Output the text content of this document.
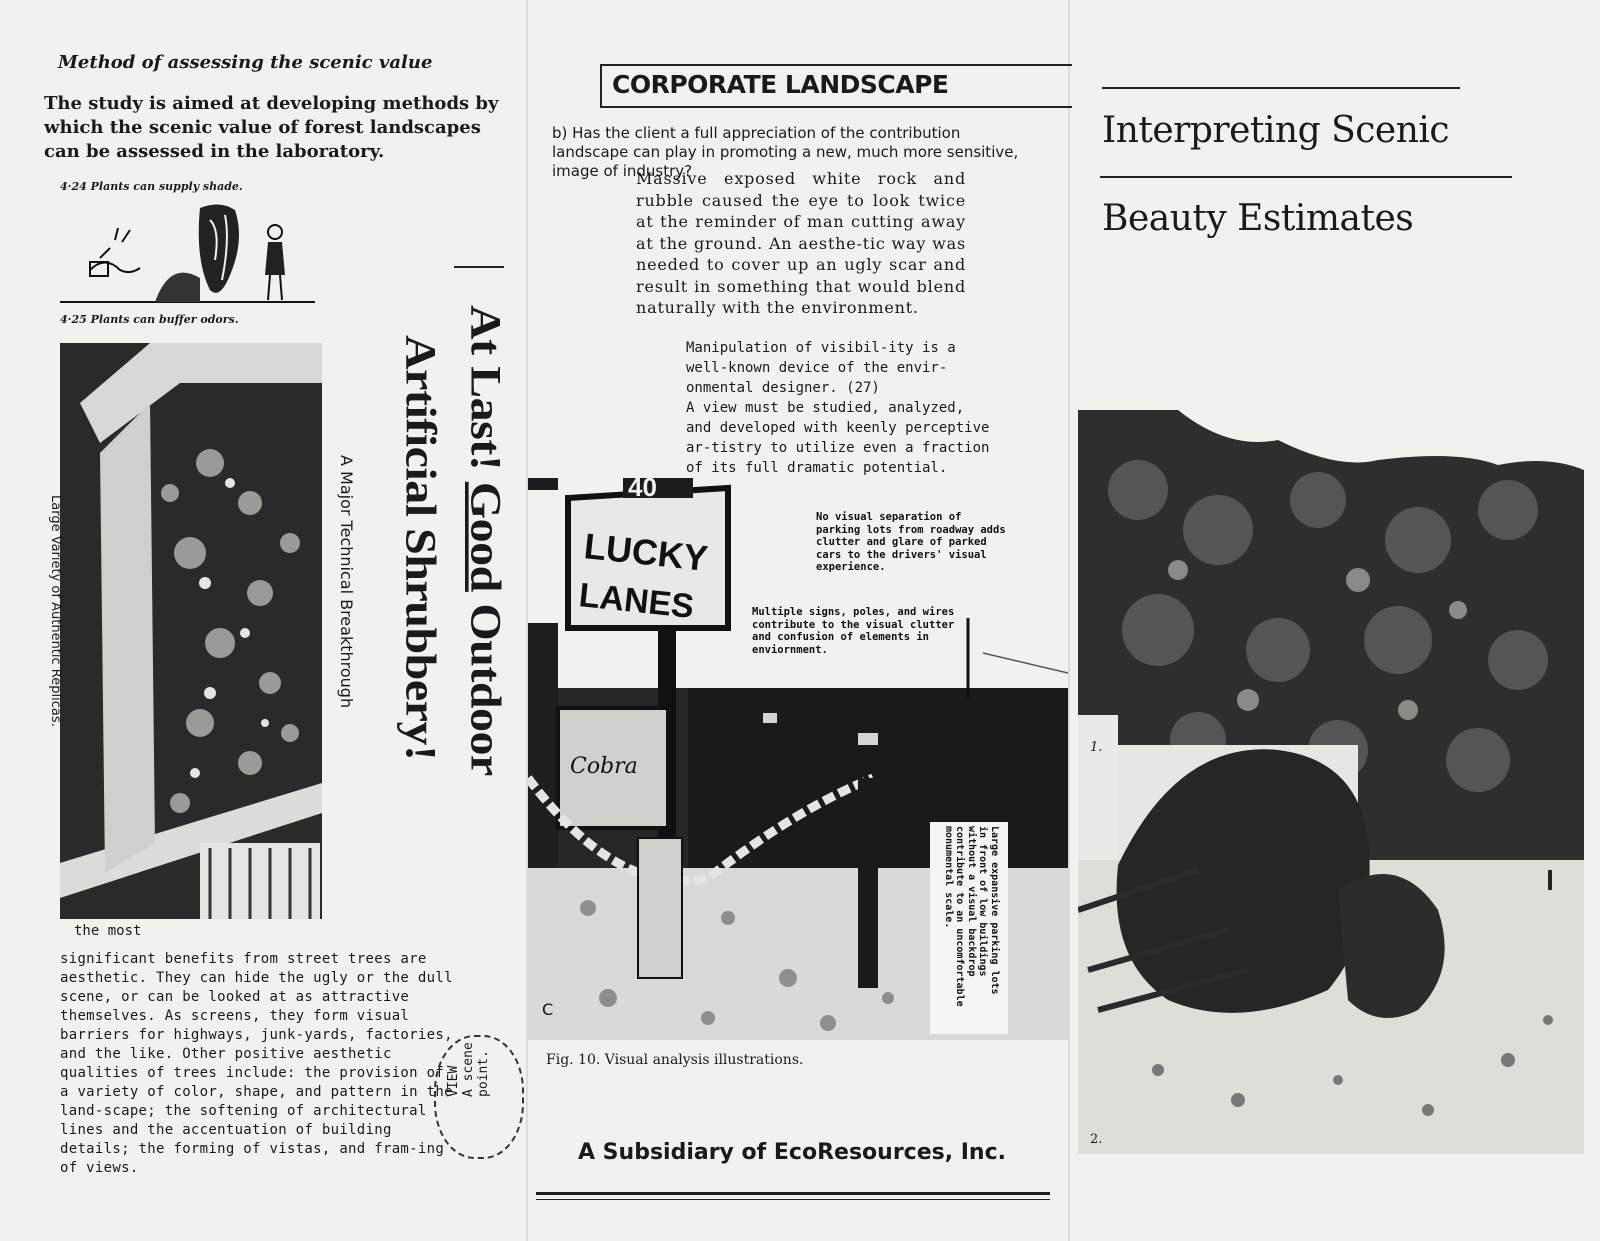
Method of assessing the scenic value
The study is aimed at developing methods by which the scenic value of forest landscapes can be assessed in the laboratory.
4·24 Plants can supply shade.
4·25 Plants can buffer odors.	At Last! Good Outdoor
Artificial Shrubbery!
A Major Technical Breakthrough
Large Variety of Authentic Replicas.
the most
significant benefits from street trees are aesthetic. They can hide the ugly or the dull scene, or can be looked at as attractive themselves. As screens, they form visual barriers for highways, junk-yards, factories, and the like. Other positive aesthetic qualities of trees include: the provision of a variety of color, shape, and pattern in the land-scape; the softening of architectural lines and the accentuation of building details; the forming of vistas, and fram-ing of views.
VIEW A scene point.
CORPORATE LANDSCAPE
b) Has the client a full appreciation of the contribution landscape can play in promoting a new, much more sensitive, image of industry?
Massive exposed white rock and rubble caused the eye to look twice at the reminder of man cutting away at the ground. An aesthe-tic way was needed to cover up an ugly scar and result in something that would blend naturally with the environment.
Manipulation of visibil-ity is a well-known device of the envir-onmental designer. (27)
A view must be studied, analyzed, and developed with keenly perceptive ar-tistry to utilize even a fraction of its full dramatic potential.
40
LUCKY
LANES
Cobra
No visual separation of parking lots from roadway adds clutter and glare of parked cars to the drivers' visual experience.
Multiple signs, poles, and wires contribute to the visual clutter and confusion of elements in enviornment.
Large expansive parking lots
in front of low buildings
without a visual backdrop
contribute to an uncomfortable
monumental scale.
C
Fig. 10. Visual analysis illustrations.
A Subsidiary of EcoResources, Inc.
Interpreting Scenic
Beauty Estimates
1.
2.
